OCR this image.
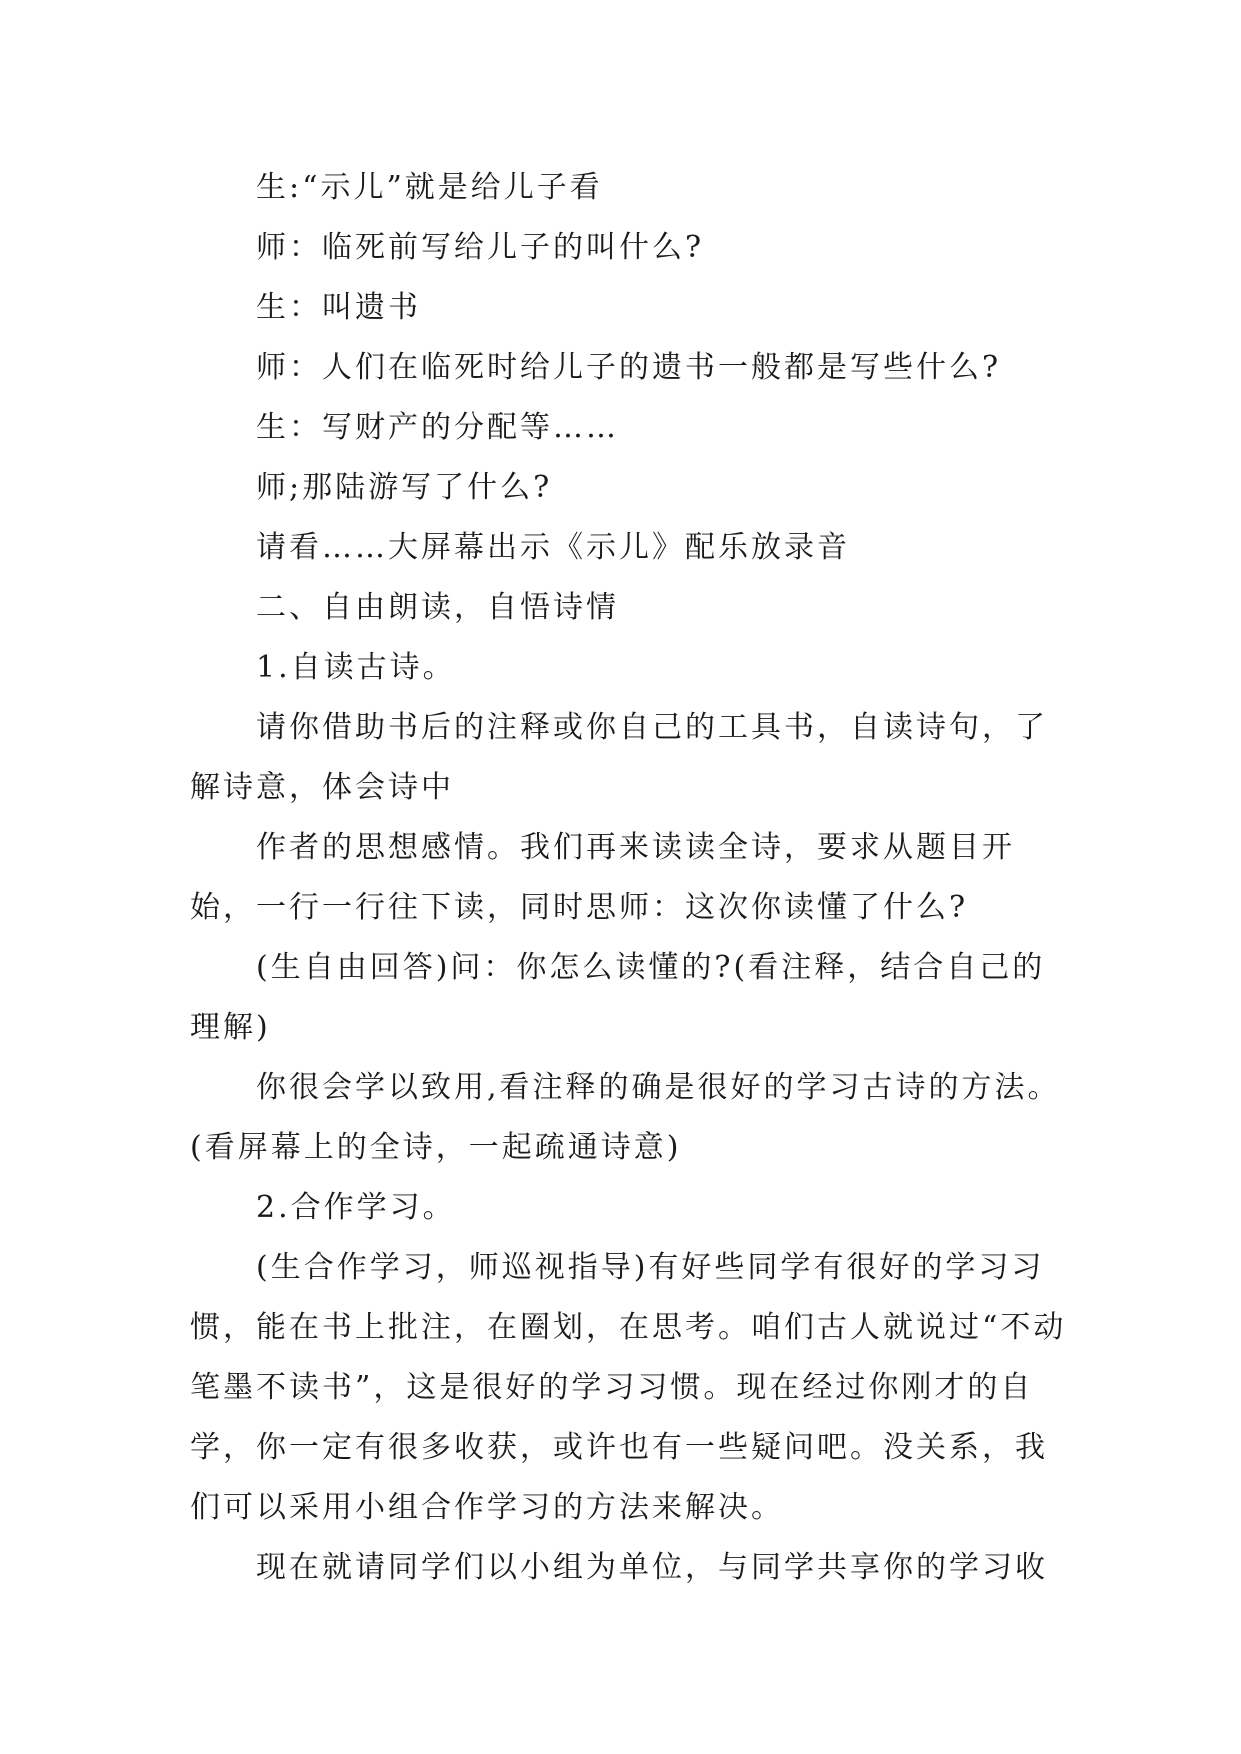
生:“示儿”就是给儿子看

师：临死前写给儿子的叫什么?

生：叫遗书

师：人们在临死时给儿子的遗书一般都是写些什么?

生：写财产的分配等……

师;那陆游写了什么?

请看……大屏幕出示《示儿》配乐放录音

二、自由朗读，自悟诗情

1.自读古诗。

请你借助书后的注释或你自己的工具书，自读诗句，了解诗意，体会诗中

作者的思想感情。我们再来读读全诗，要求从题目开始，一行一行往下读，同时思师：这次你读懂了什么?

(生自由回答)问：你怎么读懂的?(看注释，结合自己的理解)

你很会学以致用,看注释的确是很好的学习古诗的方法。(看屏幕上的全诗，一起疏通诗意)

2.合作学习。

(生合作学习，师巡视指导)有好些同学有很好的学习习惯，能在书上批注，在圈划，在思考。咱们古人就说过“不动笔墨不读书”，这是很好的学习习惯。现在经过你刚才的自学，你一定有很多收获，或许也有一些疑问吧。没关系，我们可以采用小组合作学习的方法来解决。

现在就请同学们以小组为单位，与同学共享你的学习收
